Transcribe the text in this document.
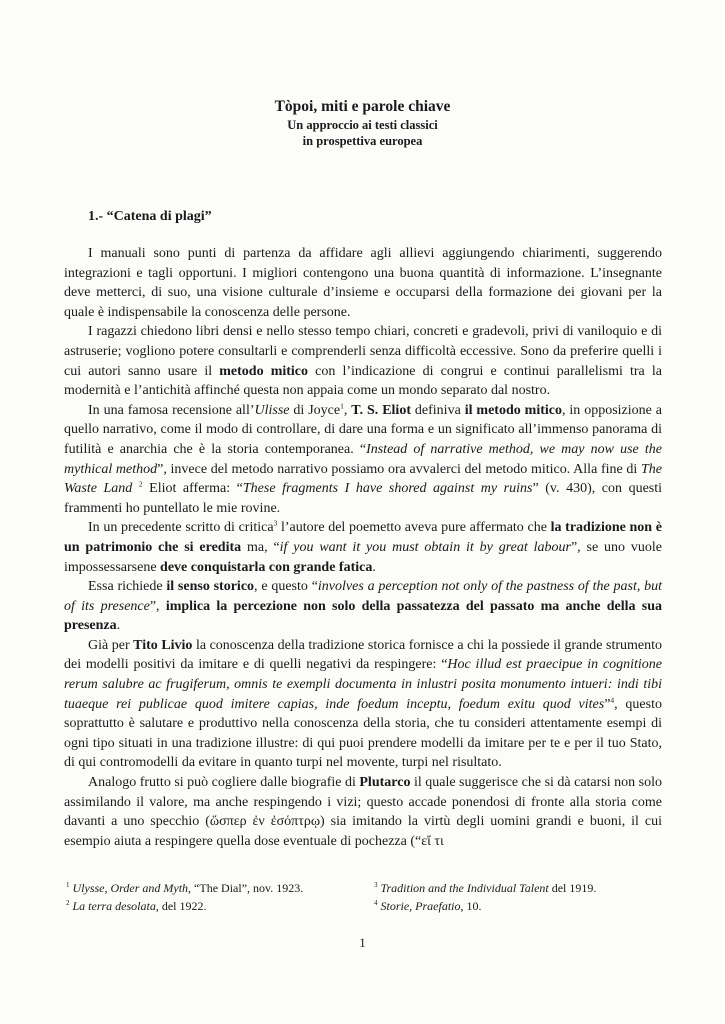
Tòpoi, miti e parole chiave
Un approccio ai testi classici
in prospettiva europea
1.- “Catena di plagi”

I manuali sono punti di partenza da affidare agli allievi aggiungendo chiarimenti, suggerendo integrazioni e tagli opportuni. I migliori contengono una buona quantità di informazione. L’insegnante deve metterci, di suo, una visione culturale d’insieme e occuparsi della formazione dei giovani per la quale è indispensabile la conoscenza delle persone.

I ragazzi chiedono libri densi e nello stesso tempo chiari, concreti e gradevoli, privi di vaniloquio e di astruserie; vogliono potere consultarli e comprenderli senza difficoltà eccessive. Sono da preferire quelli i cui autori sanno usare il metodo mitico con l’indicazione di congrui e continui parallelismi tra la modernità e l’antichità affinché questa non appaia come un mondo separato dal nostro.

In una famosa recensione all’Ulisse di Joyce$^1$, T. S. Eliot definiva il metodo mitico, in opposizione a quello narrativo, come il modo di controllare, di dare una forma e un significato all’immenso panorama di futilità e anarchia che è la storia contemporanea. “Instead of narrative method, we may now use the mythical method”, invece del metodo narrativo possiamo ora avvalerci del metodo mitico. Alla fine di The Waste Land $^2$ Eliot afferma: “These fragments I have shored against my ruins” (v. 430), con questi frammenti ho puntellato le mie rovine.

In un precedente scritto di critica$^3$ l’autore del poemetto aveva pure affermato che la tradizione non è un patrimonio che si eredita ma, “if you want it you must obtain it by great labour”, se uno vuole impossessarsene deve conquistarla con grande fatica.

Essa richiede il senso storico, e questo “involves a perception not only of the pastness of the past, but of its presence”, implica la percezione non solo della passatezza del passato ma anche della sua presenza.

Già per Tito Livio la conoscenza della tradizione storica fornisce a chi la possiede il grande strumento dei modelli positivi da imitare e di quelli negativi da respingere: “Hoc illud est praecipue in cognitione rerum salubre ac frugiferum, omnis te exempli documenta in inlustri posita monumento intueri: indi tibi tuaeque rei publicae quod imitere capias, inde foedum inceptu, foedum exitu quod vites”$^4$, questo soprattutto è salutare e produttivo nella conoscenza della storia, che tu consideri attentamente esempi di ogni tipo situati in una tradizione illustre: di qui puoi prendere modelli da imitare per te e per il tuo Stato, di qui contromodelli da evitare in quanto turpi nel movente, turpi nel risultato.

Analogo frutto si può cogliere dalle biografie di Plutarco il quale suggerisce che si dà catarsi non solo assimilando il valore, ma anche respingendo i vizi; questo accade ponendosi di fronte alla storia come davanti a uno specchio (ὥσπερ ἐν ἐσόπτρῳ) sia imitando la virtù degli uomini grandi e buoni, il cui esempio aiuta a respingere quella dose eventuale di pochezza (“εἴ τι

$^1$ Ulysse, Order and Myth, “The Dial”, nov. 1923.
$^2$ La terra desolata, del 1922.
$^3$ Tradition and the Individual Talent del 1919.
$^4$ Storie, Praefatio, 10.
1
